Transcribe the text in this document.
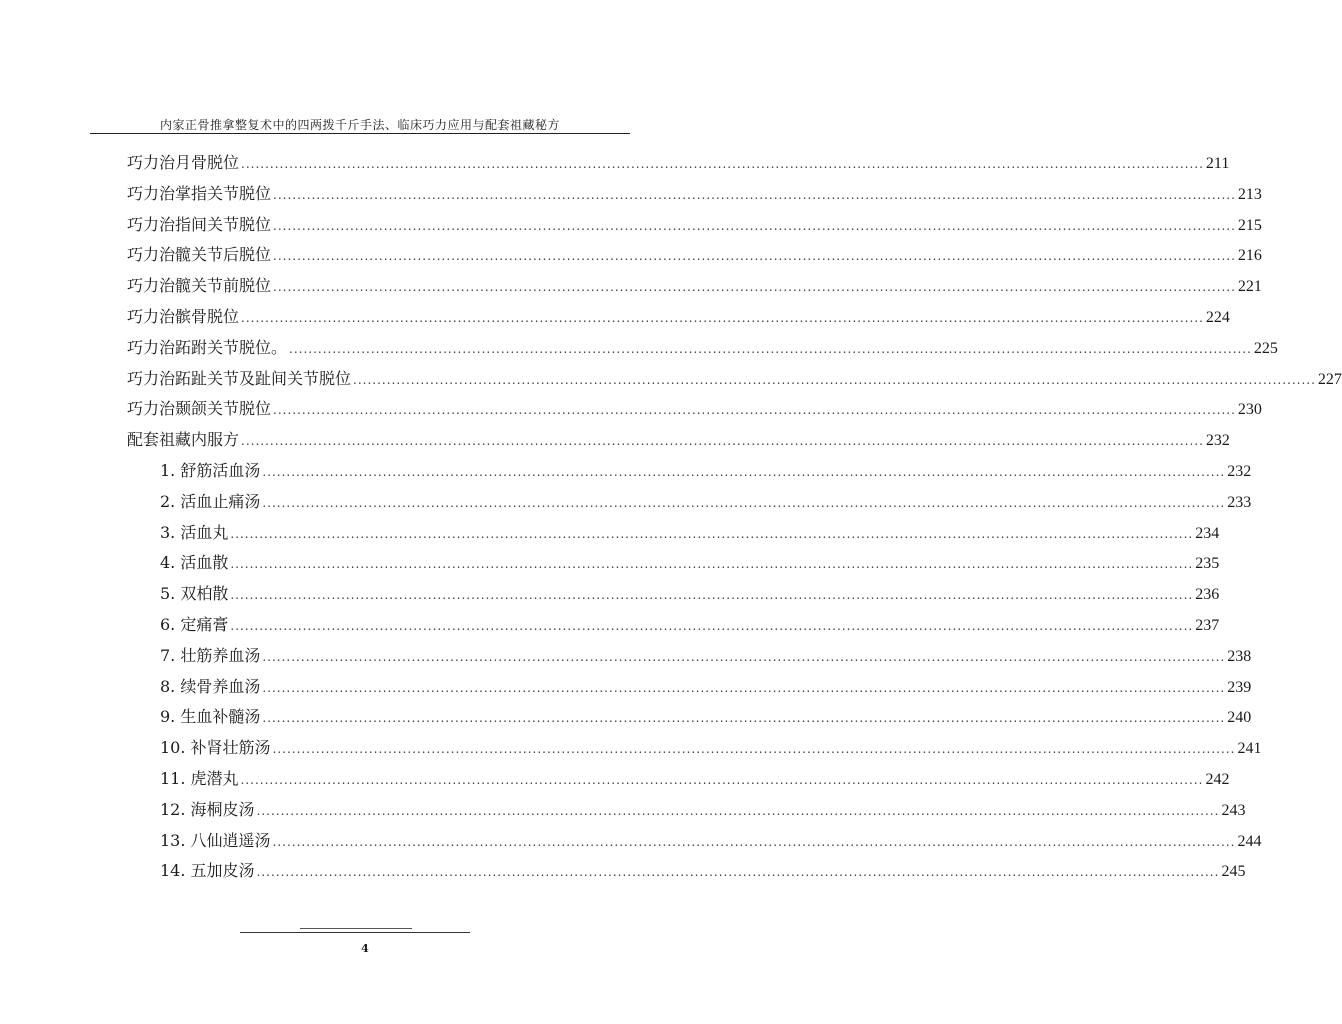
内家正骨推拿整复术中的四两拨千斤手法、临床巧力应用与配套祖藏秘方
巧力治月骨脱位 ........................................................................................................................................................................................................ 211
巧力治掌指关节脱位 ........................................................................................................................................................................................................ 213
巧力治指间关节脱位 ........................................................................................................................................................................................................ 215
巧力治髋关节后脱位 ........................................................................................................................................................................................................ 216
巧力治髋关节前脱位 ........................................................................................................................................................................................................ 221
巧力治髌骨脱位 ........................................................................................................................................................................................................ 224
巧力治跖跗关节脱位。 ........................................................................................................................................................................................................ 225
巧力治跖趾关节及趾间关节脱位 ........................................................................................................................................................................................................ 227
巧力治颞颌关节脱位 ........................................................................................................................................................................................................ 230
配套祖藏内服方 ........................................................................................................................................................................................................ 232
1. 舒筋活血汤 ........................................................................................................................................................................................................ 232
2. 活血止痛汤 ........................................................................................................................................................................................................ 233
3. 活血丸 ........................................................................................................................................................................................................ 234
4. 活血散 ........................................................................................................................................................................................................ 235
5. 双柏散 ........................................................................................................................................................................................................ 236
6. 定痛膏 ........................................................................................................................................................................................................ 237
7. 壮筋养血汤 ........................................................................................................................................................................................................ 238
8. 续骨养血汤 ........................................................................................................................................................................................................ 239
9. 生血补髓汤 ........................................................................................................................................................................................................ 240
10. 补肾壮筋汤 ........................................................................................................................................................................................................ 241
11. 虎潜丸 ........................................................................................................................................................................................................ 242
12. 海桐皮汤 ........................................................................................................................................................................................................ 243
13. 八仙逍遥汤 ........................................................................................................................................................................................................ 244
14. 五加皮汤 ........................................................................................................................................................................................................ 245
4
